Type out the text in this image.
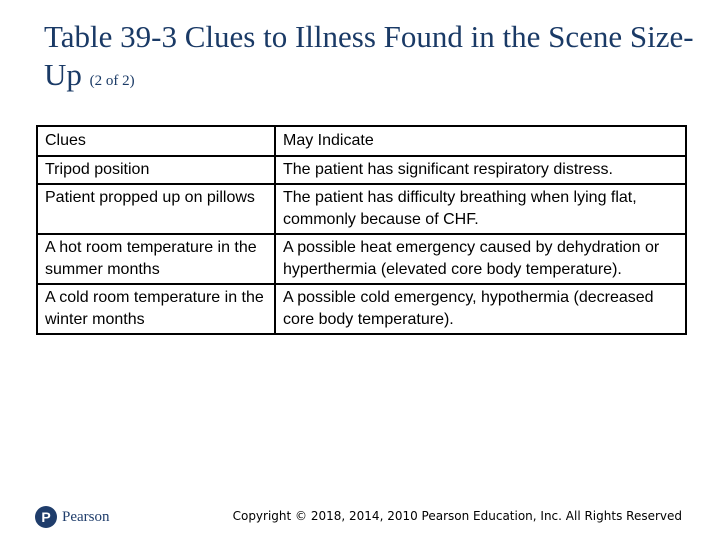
Table 39-3 Clues to Illness Found in the Scene Size-Up (2 of 2)
Clues	May Indicate
Tripod position	The patient has significant respiratory distress.
Patient propped up on pillows	The patient has difficulty breathing when lying flat, commonly because of CHF.
A hot room temperature in the summer months	A possible heat emergency caused by dehydration or hyperthermia (elevated core body temperature).
A cold room temperature in the winter months	A possible cold emergency, hypothermia (decreased core body temperature).
P Pearson	Copyright © 2018, 2014, 2010 Pearson Education, Inc. All Rights Reserved
